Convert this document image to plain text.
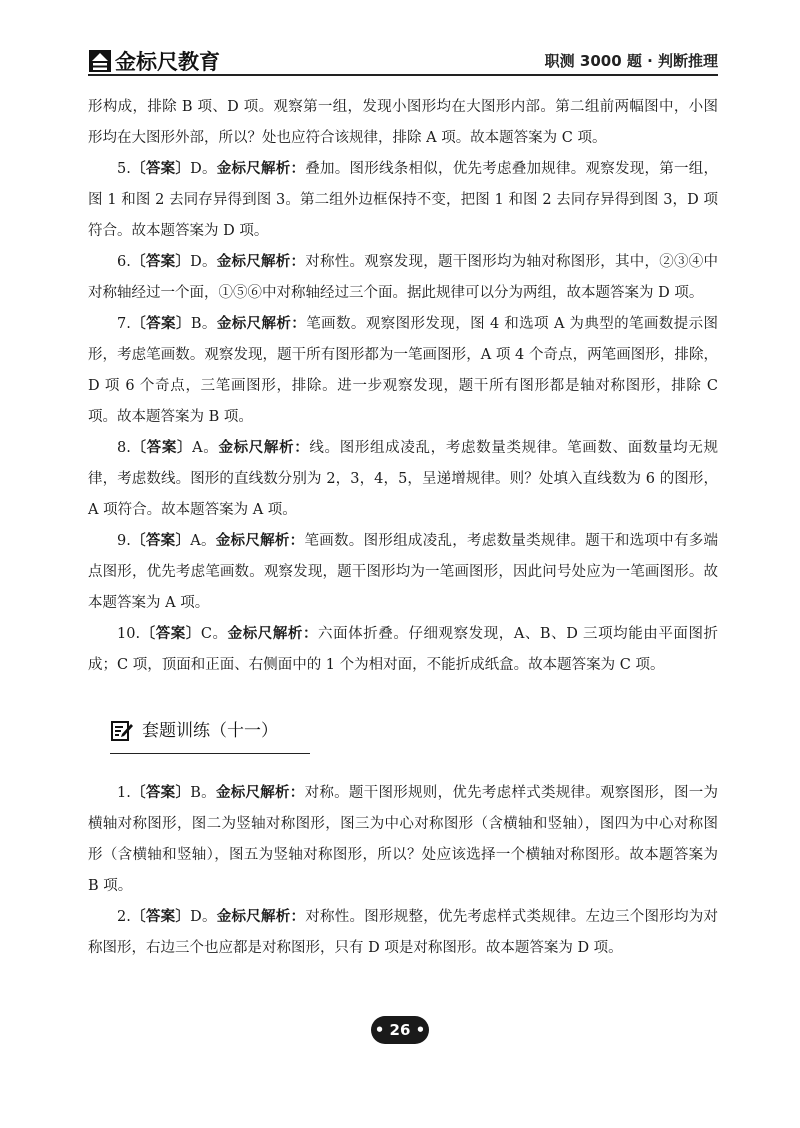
金标尺教育	职测 3000 题 · 判断推理

形构成，排除 B 项、D 项。观察第一组，发现小图形均在大图形内部。第二组前两幅图中，小图形均在大图形外部，所以？处也应符合该规律，排除 A 项。故本题答案为 C 项。

5.〔答案〕D。金标尺解析：叠加。图形线条相似，优先考虑叠加规律。观察发现，第一组，图 1 和图 2 去同存异得到图 3。第二组外边框保持不变，把图 1 和图 2 去同存异得到图 3，D 项符合。故本题答案为 D 项。

6.〔答案〕D。金标尺解析：对称性。观察发现，题干图形均为轴对称图形，其中，②③④中对称轴经过一个面，①⑤⑥中对称轴经过三个面。据此规律可以分为两组，故本题答案为 D 项。

7.〔答案〕B。金标尺解析：笔画数。观察图形发现，图 4 和选项 A 为典型的笔画数提示图形，考虑笔画数。观察发现，题干所有图形都为一笔画图形，A 项 4 个奇点，两笔画图形，排除，D 项 6 个奇点，三笔画图形，排除。进一步观察发现，题干所有图形都是轴对称图形，排除 C 项。故本题答案为 B 项。

8.〔答案〕A。金标尺解析：线。图形组成凌乱，考虑数量类规律。笔画数、面数量均无规律，考虑数线。图形的直线数分别为 2，3，4，5，呈递增规律。则？处填入直线数为 6 的图形，A 项符合。故本题答案为 A 项。

9.〔答案〕A。金标尺解析：笔画数。图形组成凌乱，考虑数量类规律。题干和选项中有多端点图形，优先考虑笔画数。观察发现，题干图形均为一笔画图形，因此问号处应为一笔画图形。故本题答案为 A 项。

10.〔答案〕C。金标尺解析：六面体折叠。仔细观察发现，A、B、D 三项均能由平面图折成；C 项，顶面和正面、右侧面中的 1 个为相对面，不能折成纸盒。故本题答案为 C 项。

套题训练（十一）

1.〔答案〕B。金标尺解析：对称。题干图形规则，优先考虑样式类规律。观察图形，图一为横轴对称图形，图二为竖轴对称图形，图三为中心对称图形（含横轴和竖轴），图四为中心对称图形（含横轴和竖轴），图五为竖轴对称图形，所以？处应该选择一个横轴对称图形。故本题答案为 B 项。

2.〔答案〕D。金标尺解析：对称性。图形规整，优先考虑样式类规律。左边三个图形均为对称图形，右边三个也应都是对称图形，只有 D 项是对称图形。故本题答案为 D 项。

• 26 •
